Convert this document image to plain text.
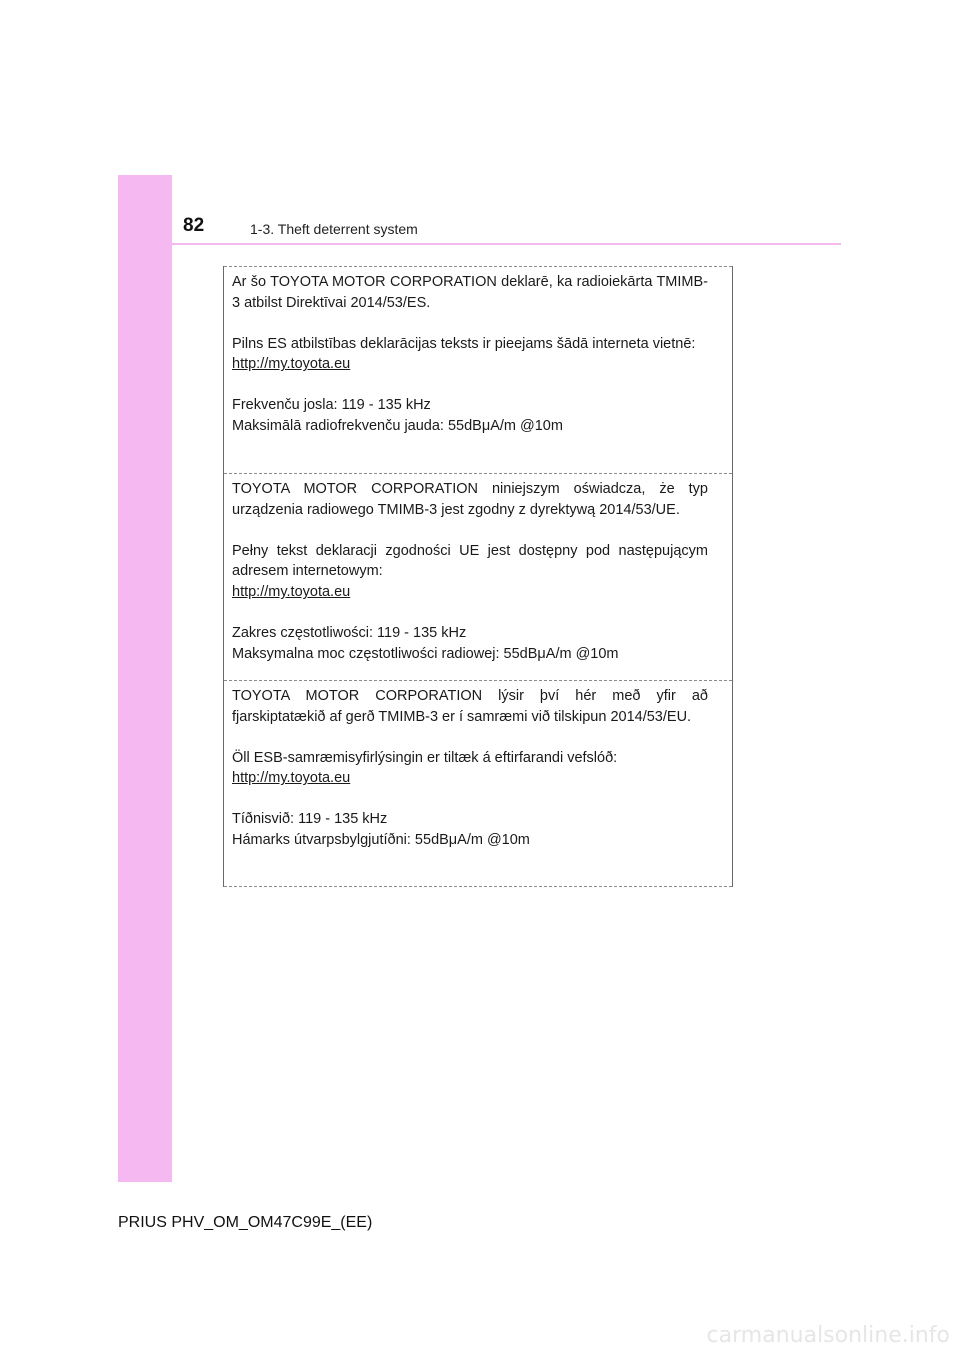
82	1-3. Theft deterrent system

Ar šo TOYOTA MOTOR CORPORATION deklarē, ka radioiekārta TMIMB-3 atbilst Direktīvai 2014/53/ES.

Pilns ES atbilstības deklarācijas teksts ir pieejams šādā interneta vietnē:

http://my.toyota.eu

Frekvenču josla: 119 - 135 kHz

Maksimālā radiofrekvenču jauda: 55dBμA/m @10m

TOYOTA MOTOR CORPORATION niniejszym oświadcza, że typ urządzenia radiowego TMIMB-3 jest zgodny z dyrektywą 2014/53/UE.

Pełny tekst deklaracji zgodności UE jest dostępny pod następującym adresem internetowym:

http://my.toyota.eu

Zakres częstotliwości: 119 - 135 kHz

Maksymalna moc częstotliwości radiowej: 55dBμA/m @10m

TOYOTA MOTOR CORPORATION lýsir því hér með yfir að fjarskiptatækið af gerð TMIMB-3 er í samræmi við tilskipun 2014/53/EU.

Öll ESB-samræmisyfirlýsingin er tiltæk á eftirfarandi vefslóð:

http://my.toyota.eu

Tíðnisvið: 119 - 135 kHz

Hámarks útvarpsbylgjutíðni: 55dBμA/m @10m

PRIUS PHV_OM_OM47C99E_(EE)
carmanualsonline.info
